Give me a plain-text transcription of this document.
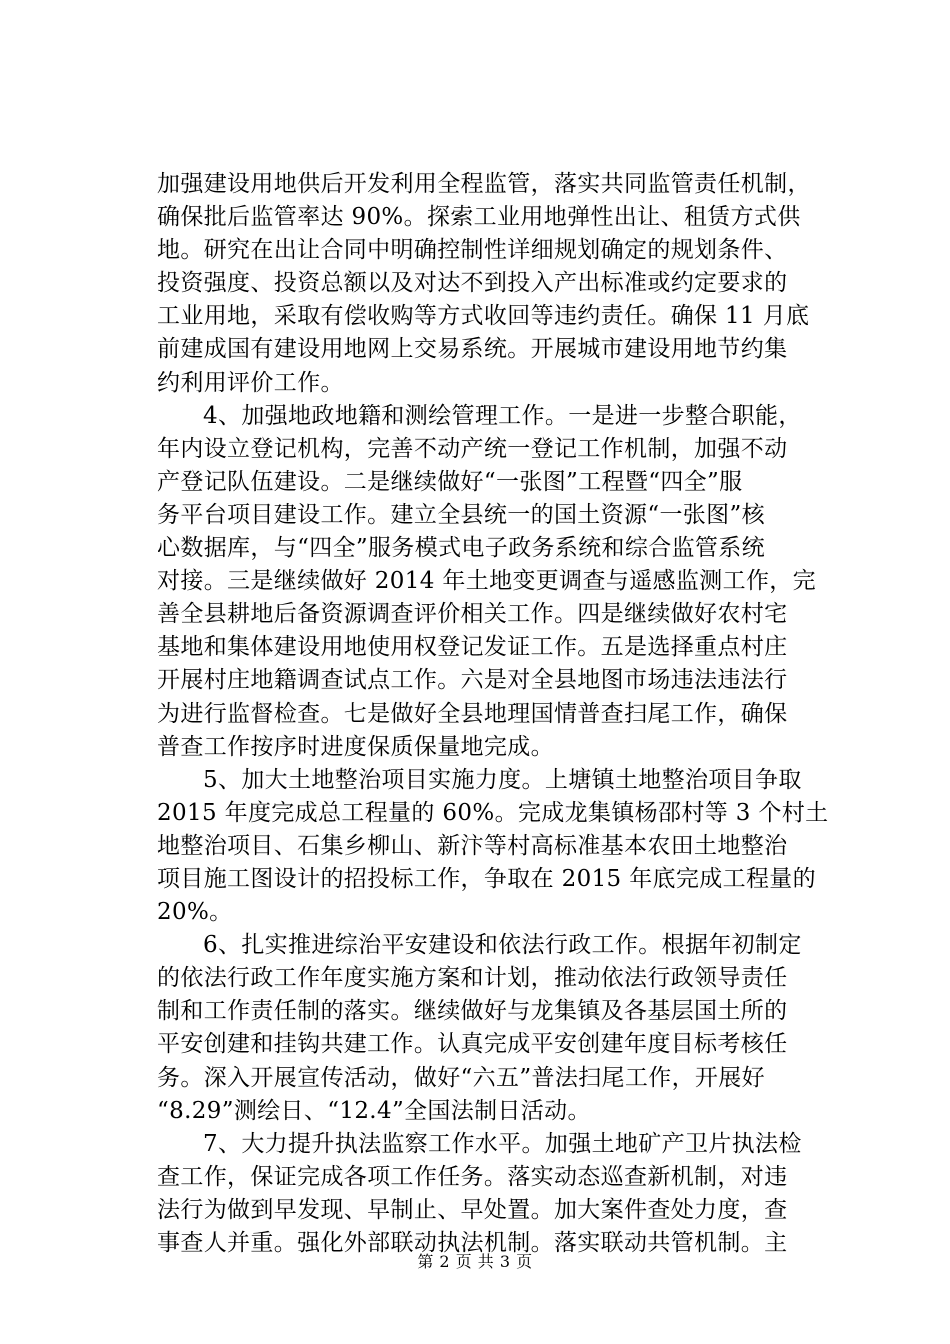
加强建设用地供后开发利用全程监管，落实共同监管责任机制，
确保批后监管率达 90%。探索工业用地弹性出让、租赁方式供
地。研究在出让合同中明确控制性详细规划确定的规划条件、
投资强度、投资总额以及对达不到投入产出标准或约定要求的
工业用地，采取有偿收购等方式收回等违约责任。确保 11 月底
前建成国有建设用地网上交易系统。开展城市建设用地节约集
约利用评价工作。
4、加强地政地籍和测绘管理工作。一是进一步整合职能，
年内设立登记机构，完善不动产统一登记工作机制，加强不动
产登记队伍建设。二是继续做好“一张图”工程暨“四全”服
务平台项目建设工作。建立全县统一的国土资源“一张图”核
心数据库，与“四全”服务模式电子政务系统和综合监管系统
对接。三是继续做好 2014 年土地变更调查与遥感监测工作，完
善全县耕地后备资源调查评价相关工作。四是继续做好农村宅
基地和集体建设用地使用权登记发证工作。五是选择重点村庄
开展村庄地籍调查试点工作。六是对全县地图市场违法违法行
为进行监督检查。七是做好全县地理国情普查扫尾工作，确保
普查工作按序时进度保质保量地完成。
5、加大土地整治项目实施力度。上塘镇土地整治项目争取
2015 年度完成总工程量的 60%。完成龙集镇杨邵村等 3 个村土
地整治项目、石集乡柳山、新汴等村高标准基本农田土地整治
项目施工图设计的招投标工作，争取在 2015 年底完成工程量的
20%。
6、扎实推进综治平安建设和依法行政工作。根据年初制定
的依法行政工作年度实施方案和计划，推动依法行政领导责任
制和工作责任制的落实。继续做好与龙集镇及各基层国土所的
平安创建和挂钩共建工作。认真完成平安创建年度目标考核任
务。深入开展宣传活动，做好“六五”普法扫尾工作，开展好
“8.29”测绘日、“12.4”全国法制日活动。
7、大力提升执法监察工作水平。加强土地矿产卫片执法检
查工作，保证完成各项工作任务。落实动态巡查新机制，对违
法行为做到早发现、早制止、早处置。加大案件查处力度，查
事查人并重。强化外部联动执法机制。落实联动共管机制。主
第 2 页 共 3 页
